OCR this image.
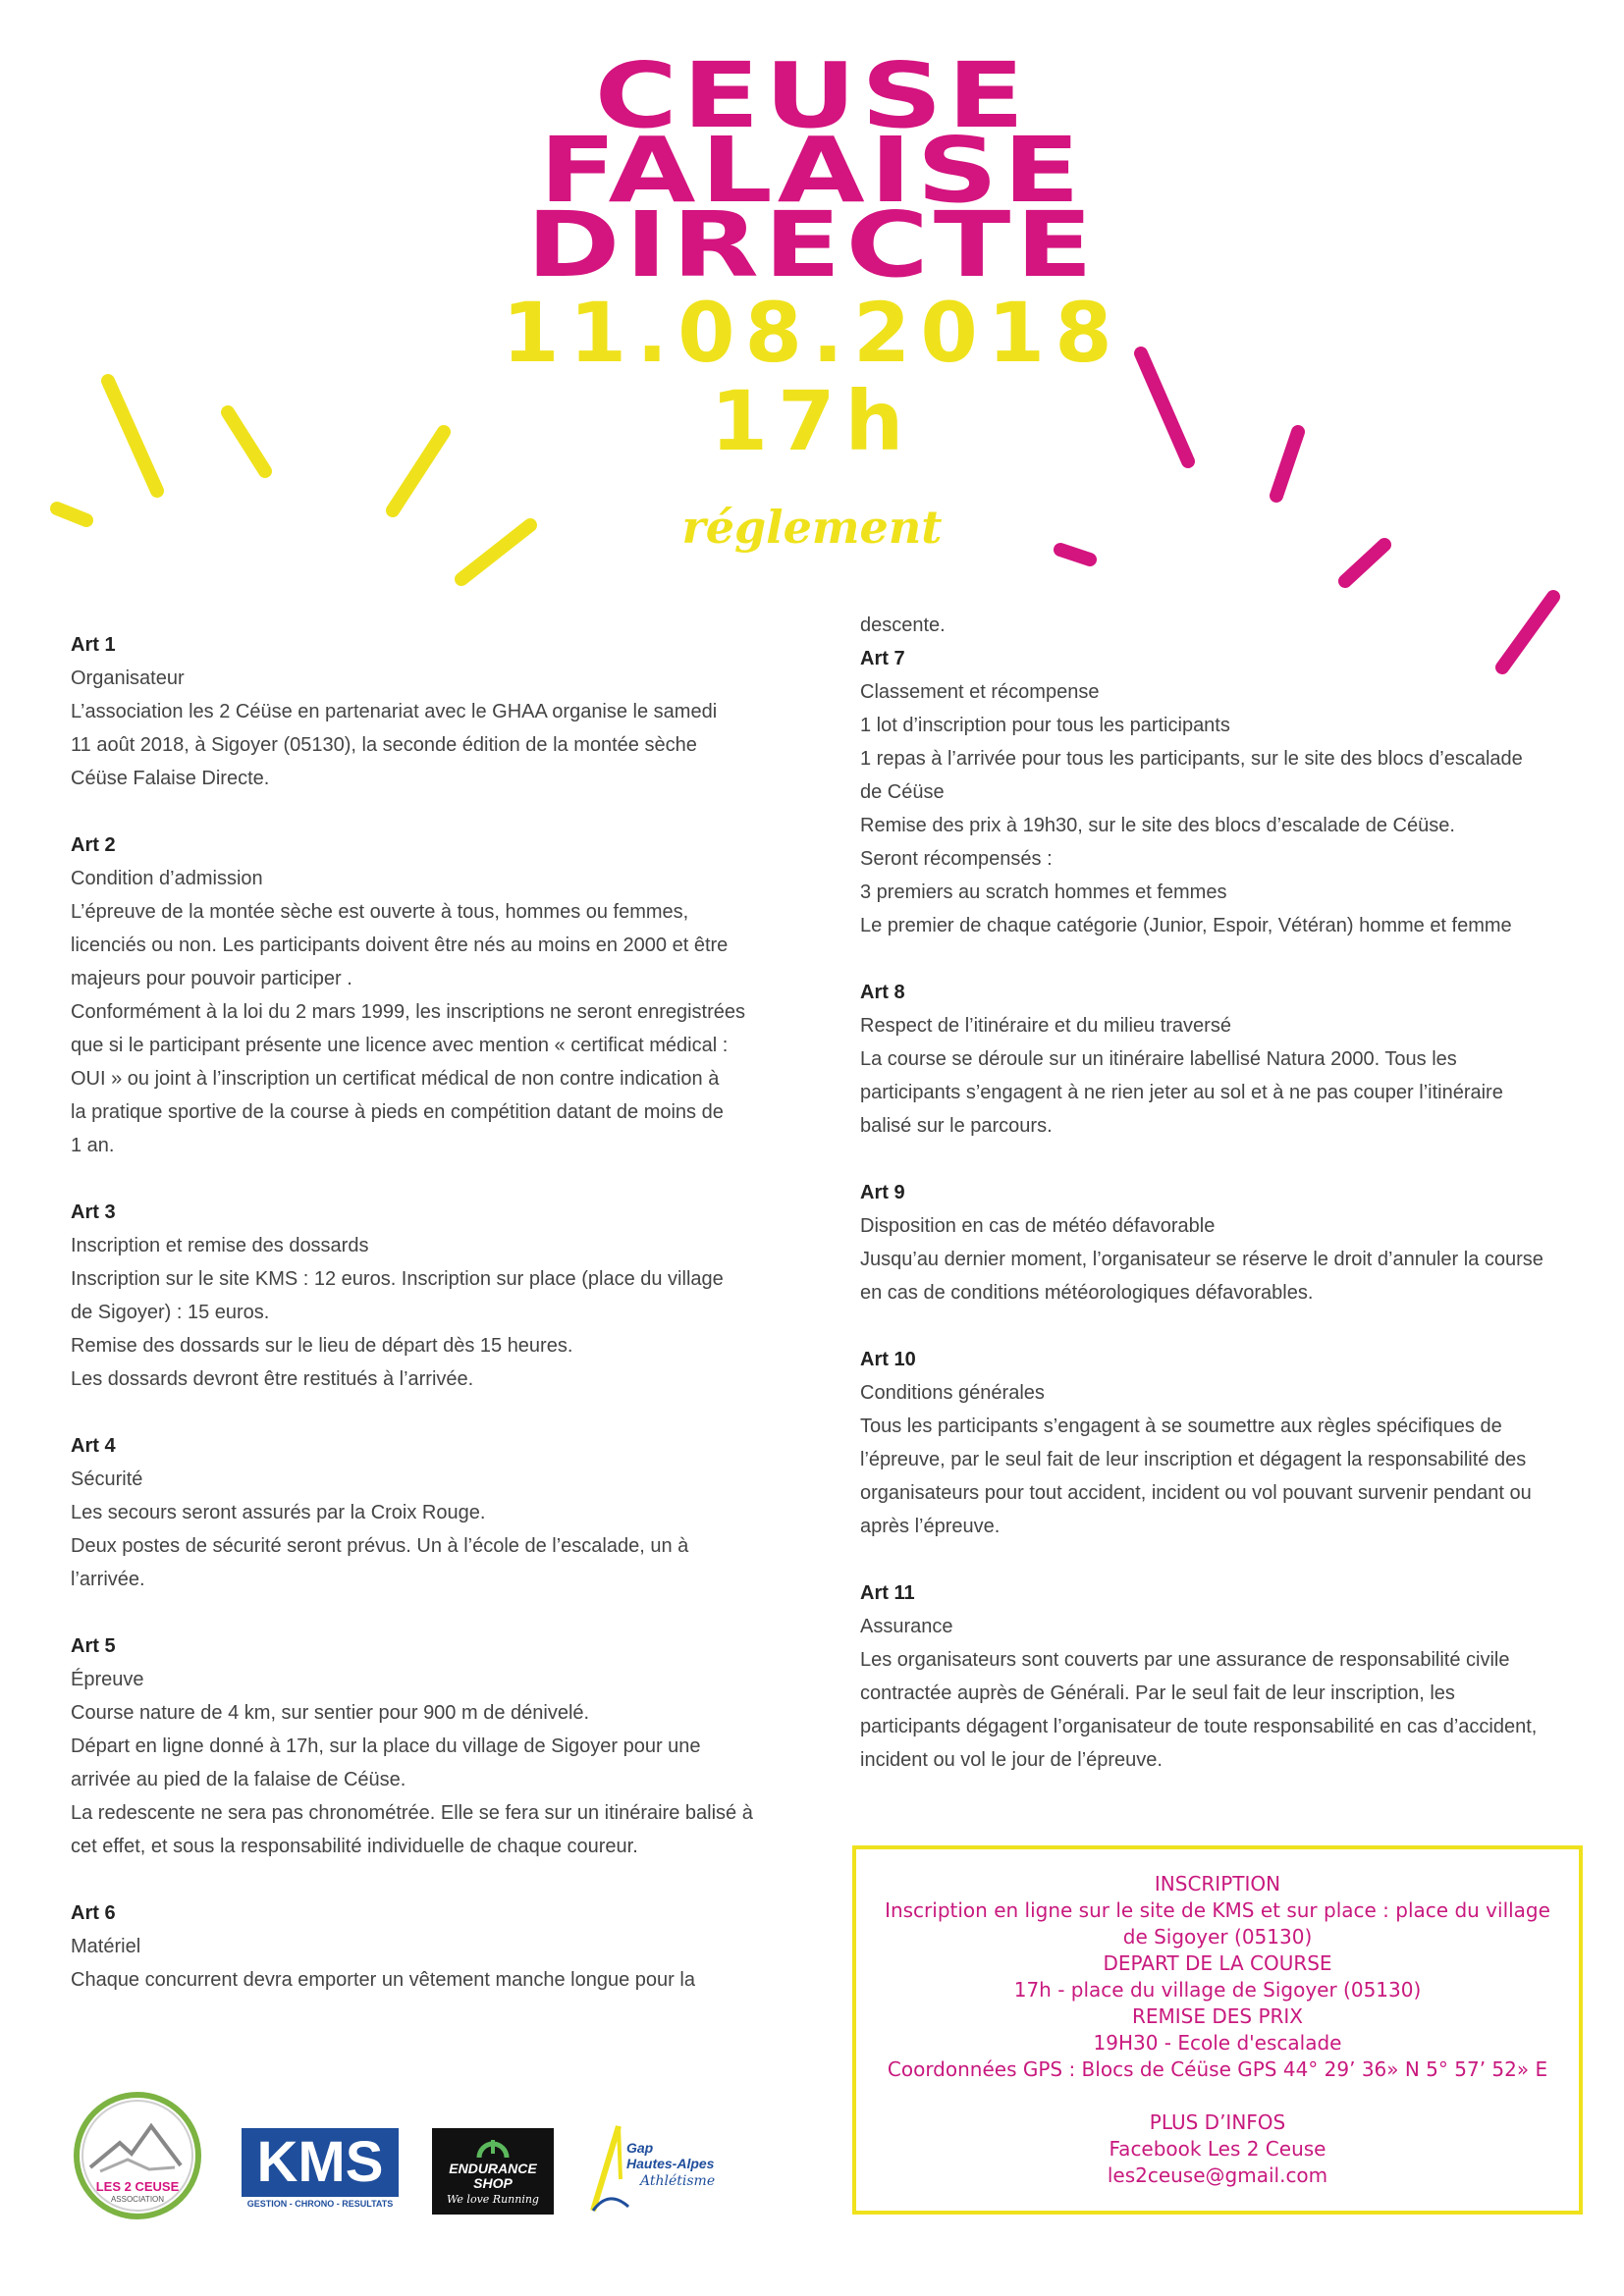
CEUSE
FALAISE
DIRECTE
11.08.2018
17h
réglement
Art 1
Organisateur
L’association les 2 Céüse en partenariat avec le GHAA organise le samedi
11 août 2018, à Sigoyer (05130), la seconde édition de la montée sèche
Céüse Falaise Directe.
Art 2
Condition d’admission
L’épreuve de la montée sèche est ouverte à tous, hommes ou femmes,
licenciés ou non. Les participants doivent être nés au moins en 2000 et être
majeurs pour pouvoir participer .
Conformément à la loi du 2 mars 1999, les inscriptions ne seront enregistrées
que si le participant présente une licence avec mention « certificat médical :
OUI » ou joint à l’inscription un certificat médical de non contre indication à
la pratique sportive de la course à pieds en compétition datant de moins de
1 an.
Art 3
Inscription et remise des dossards
Inscription sur le site KMS : 12 euros. Inscription sur place (place du village
de Sigoyer) : 15 euros.
Remise des dossards sur le lieu de départ dès 15 heures.
Les dossards devront être restitués à l’arrivée.
Art 4
Sécurité
Les secours seront assurés par la Croix Rouge.
Deux postes de sécurité seront prévus. Un à l’école de l’escalade, un à
l’arrivée.
Art 5
Épreuve
Course nature de 4 km, sur sentier pour 900 m de dénivelé.
Départ en ligne donné à 17h, sur la place du village de Sigoyer pour une
arrivée au pied de la falaise de Céüse.
La redescente ne sera pas chronométrée. Elle se fera sur un itinéraire balisé à
cet effet, et sous la responsabilité individuelle de chaque coureur.
Art 6
Matériel
Chaque concurrent devra emporter un vêtement manche longue pour la
descente.
Art 7
Classement et récompense
1 lot d’inscription pour tous les participants
1 repas à l’arrivée pour tous les participants, sur le site des blocs d’escalade
de Céüse
Remise des prix à 19h30, sur le site des blocs d’escalade de Céüse.
Seront récompensés :
3 premiers au scratch hommes et femmes
Le premier de chaque catégorie (Junior, Espoir, Vétéran) homme et femme
Art 8
Respect de l’itinéraire et du milieu traversé
La course se déroule sur un itinéraire labellisé Natura 2000. Tous les
participants s’engagent à ne rien jeter au sol et à ne pas couper l’itinéraire
balisé sur le parcours.
Art 9
Disposition en cas de météo défavorable
Jusqu’au dernier moment, l’organisateur se réserve le droit d’annuler la course
en cas de conditions météorologiques défavorables.
Art 10
Conditions générales
Tous les participants s’engagent à se soumettre aux règles spécifiques de
l’épreuve, par le seul fait de leur inscription et dégagent la responsabilité des
organisateurs pour tout accident, incident ou vol pouvant survenir pendant ou
après l’épreuve.
Art 11
Assurance
Les organisateurs sont couverts par une assurance de responsabilité civile
contractée auprès de Générali. Par le seul fait de leur inscription, les
participants dégagent l’organisateur de toute responsabilité en cas d’accident,
incident ou vol le jour de l’épreuve.
INSCRIPTION
Inscription en ligne sur le site de KMS et sur place : place du village
de Sigoyer (05130)
DEPART DE LA COURSE
17h - place du village de Sigoyer (05130)
REMISE DES PRIX
19H30 - Ecole d'escalade
Coordonnées GPS : Blocs de Céüse GPS 44° 29’ 36» N 5° 57’ 52» E
PLUS D’INFOS
Facebook Les 2 Ceuse
les2ceuse@gmail.com
LES 2 CEUSE
ASSOCIATION
KMS
GESTION - CHRONO - RESULTATS
ENDURANCE
SHOP
We love Running
Gap
Hautes-Alpes
Athlétisme
